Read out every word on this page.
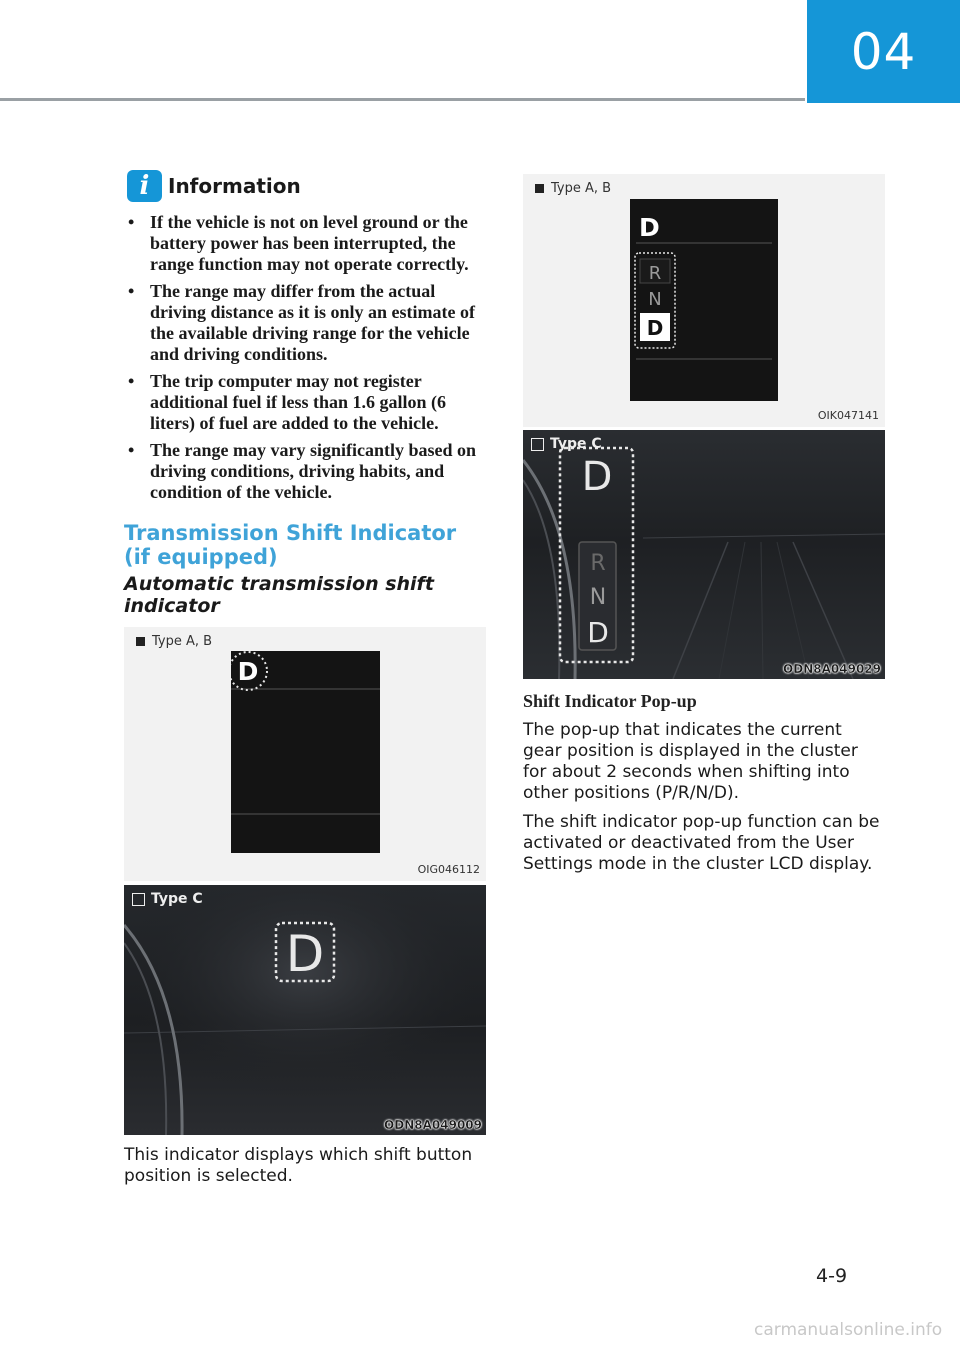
04
i Information
• If the vehicle is not on level ground or the battery power has been interrupted, the range function may not operate correctly.
• The range may differ from the actual driving distance as it is only an estimate of the available driving range for the vehicle and driving conditions.
• The trip computer may not register additional fuel if less than 1.6 gallon (6 liters) of fuel are added to the vehicle.
• The range may vary significantly based on driving conditions, driving habits, and condition of the vehicle.
Transmission Shift Indicator
(if equipped)
Automatic transmission shift
indicator
Type A, B
D
OIG046112
D
Type C
ODN8A049009
This indicator displays which shift button position is selected.
Type A, B
D
R
N
D
OIK047141
D
R
N
D
Type C
ODN8A049029
Shift Indicator Pop-up

The pop-up that indicates the current gear position is displayed in the cluster for about 2 seconds when shifting into other positions (P/R/N/D).

The shift indicator pop-up function can be activated or deactivated from the User Settings mode in the cluster LCD display.

4-9
carmanualsonline.info
